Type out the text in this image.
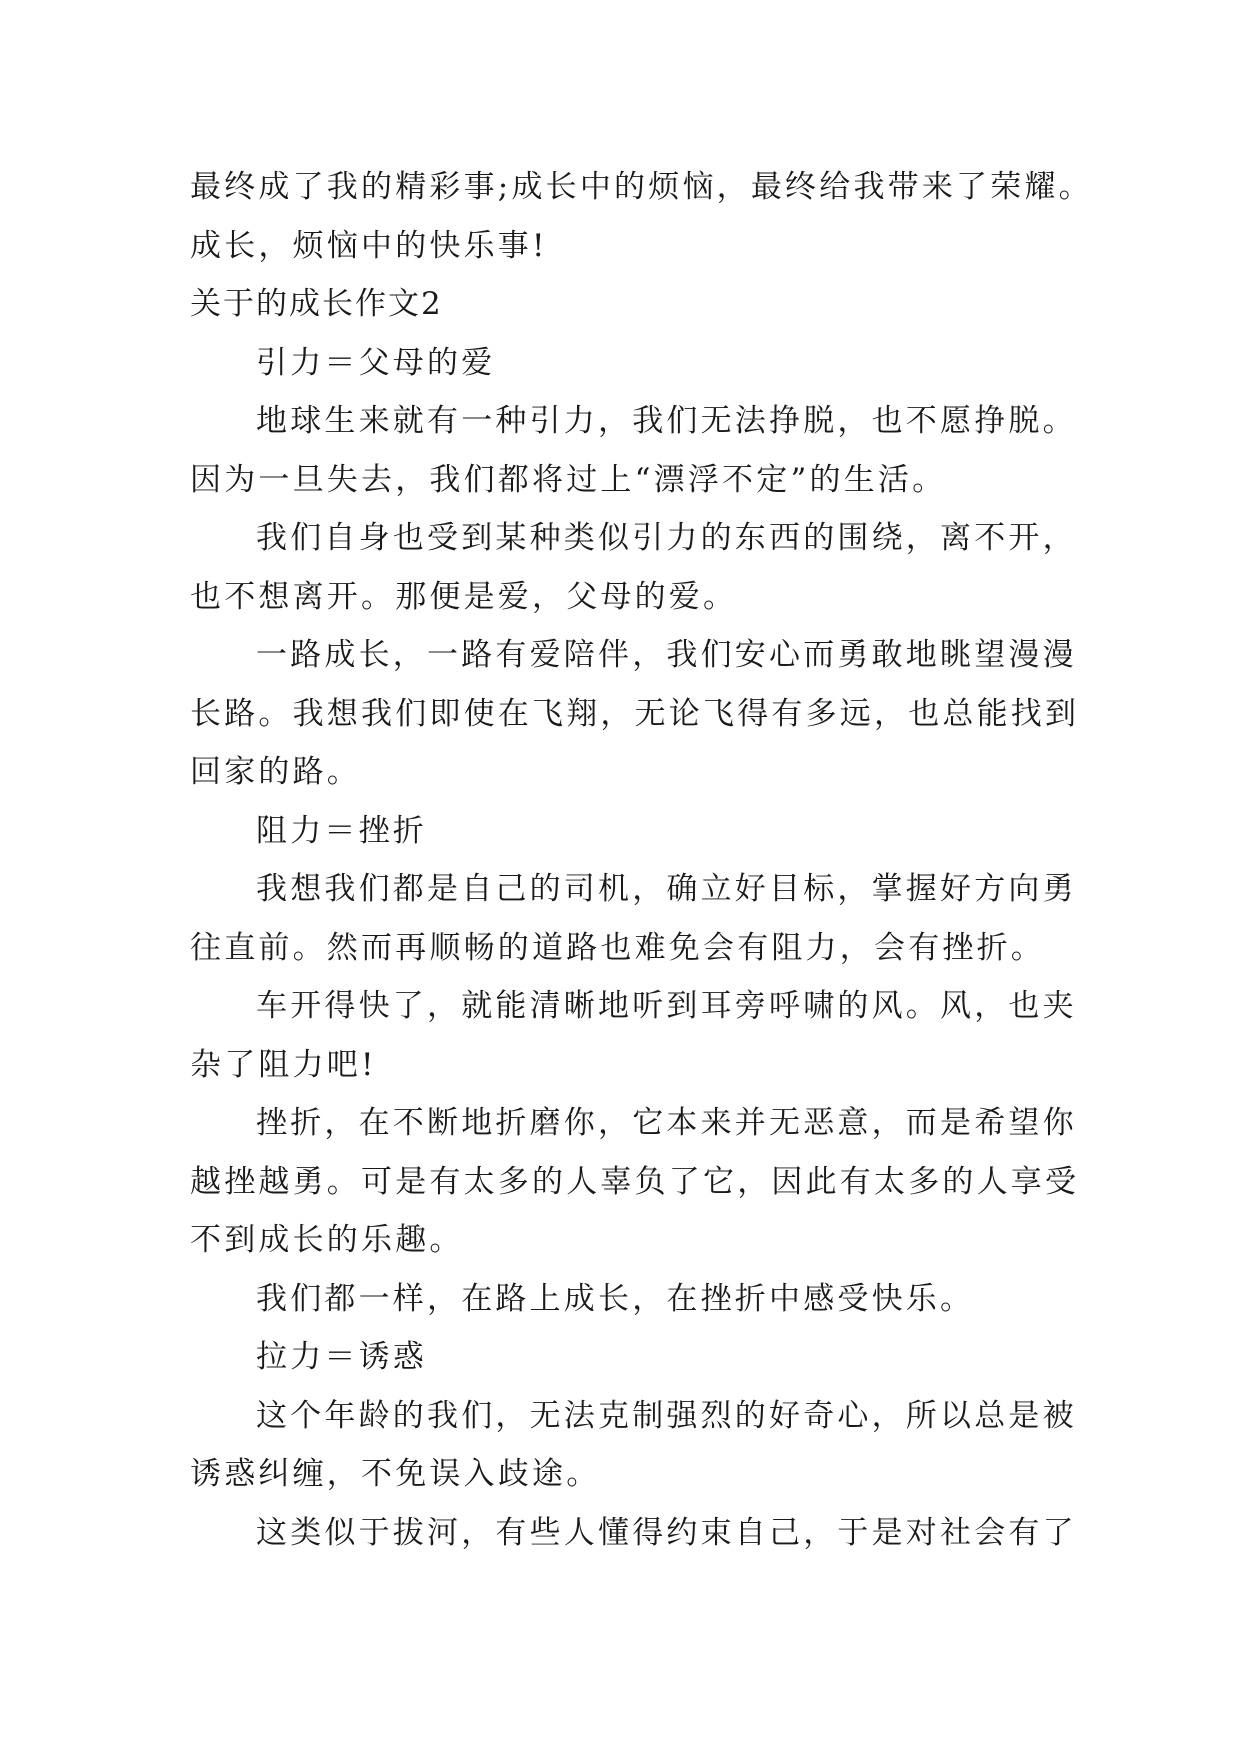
最终成了我的精彩事;成长中的烦恼，最终给我带来了荣耀。
成长，烦恼中的快乐事!
关于的成长作文2
引力＝父母的爱
地球生来就有一种引力，我们无法挣脱，也不愿挣脱。
因为一旦失去，我们都将过上“漂浮不定”的生活。
我们自身也受到某种类似引力的东西的围绕，离不开，
也不想离开。那便是爱，父母的爱。
一路成长，一路有爱陪伴，我们安心而勇敢地眺望漫漫
长路。我想我们即使在飞翔，无论飞得有多远，也总能找到
回家的路。
阻力＝挫折
我想我们都是自己的司机，确立好目标，掌握好方向勇
往直前。然而再顺畅的道路也难免会有阻力，会有挫折。
车开得快了，就能清晰地听到耳旁呼啸的风。风，也夹
杂了阻力吧!
挫折，在不断地折磨你，它本来并无恶意，而是希望你
越挫越勇。可是有太多的人辜负了它，因此有太多的人享受
不到成长的乐趣。
我们都一样，在路上成长，在挫折中感受快乐。
拉力＝诱惑
这个年龄的我们，无法克制强烈的好奇心，所以总是被
诱惑纠缠，不免误入歧途。
这类似于拔河，有些人懂得约束自己，于是对社会有了
